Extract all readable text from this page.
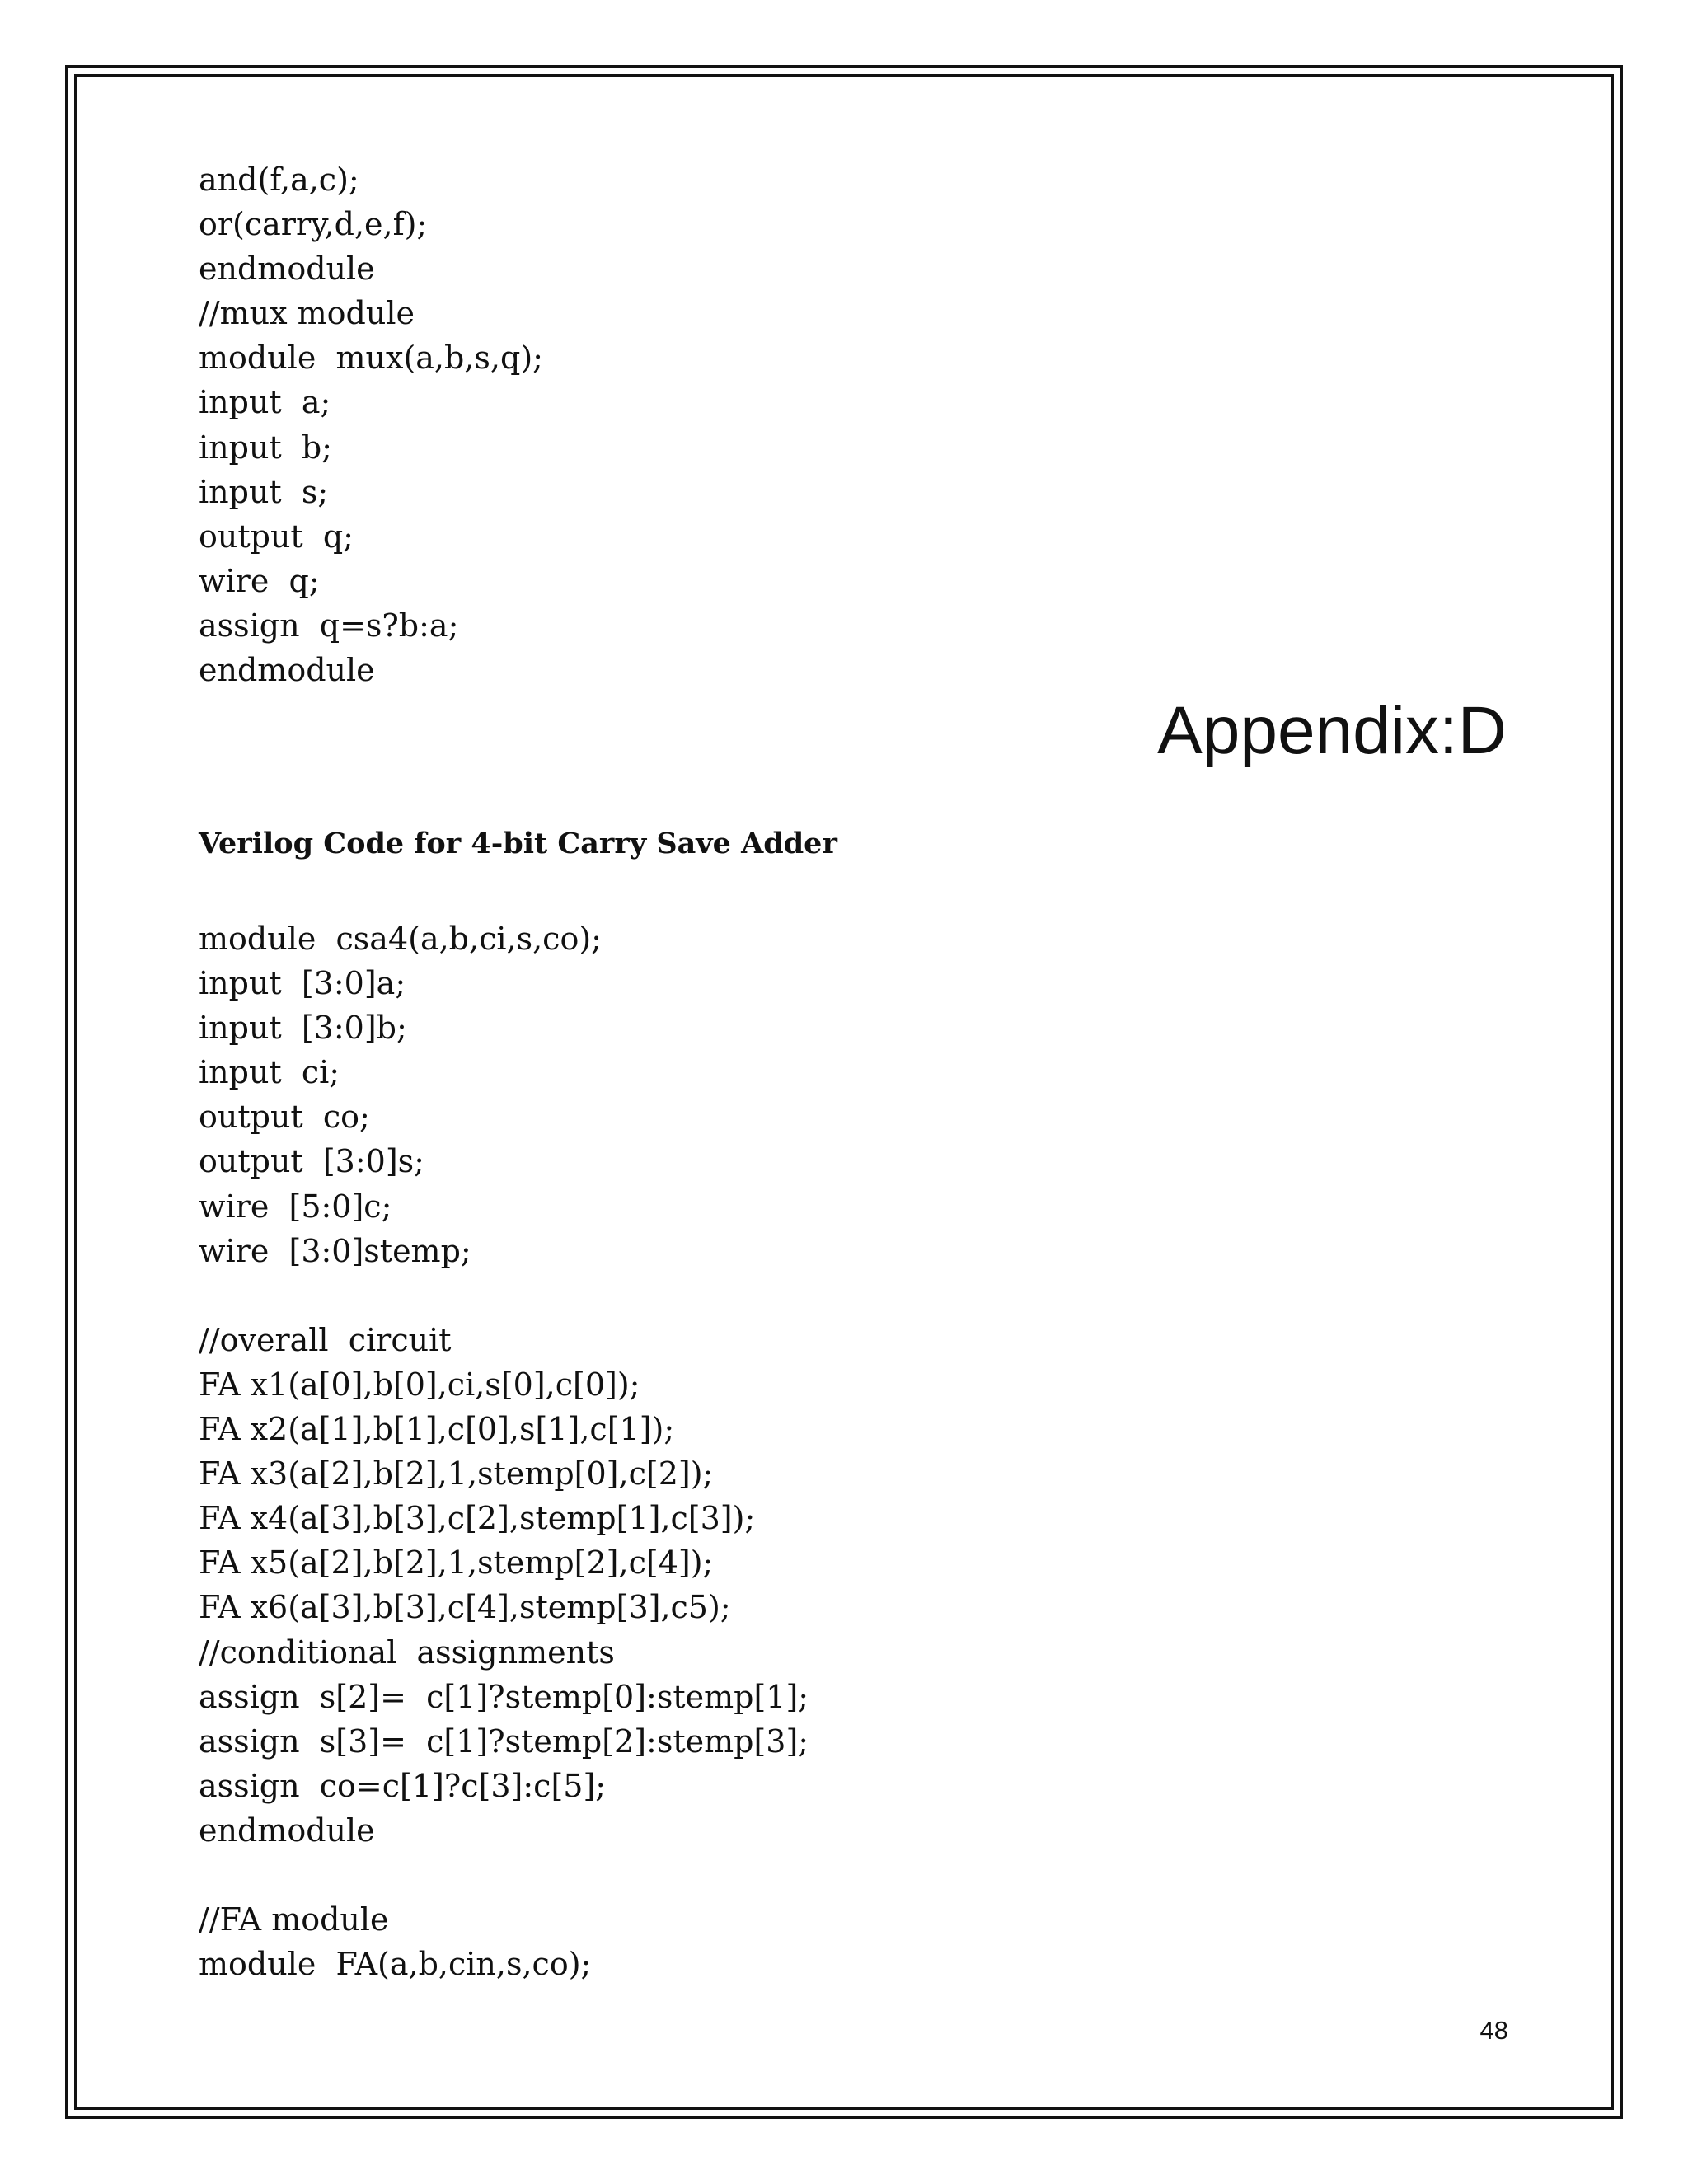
and(f,a,c);
or(carry,d,e,f);
endmodule
//mux module
module  mux(a,b,s,q);
input  a;
input  b;
input  s;
output  q;
wire  q;
assign  q=s?b:a;
endmodule
Appendix:D
Verilog Code for 4-bit Carry Save Adder
module  csa4(a,b,ci,s,co);
input  [3:0]a;
input  [3:0]b;
input  ci;
output  co;
output  [3:0]s;
wire  [5:0]c;
wire  [3:0]stemp;
//overall  circuit
FA x1(a[0],b[0],ci,s[0],c[0]);
FA x2(a[1],b[1],c[0],s[1],c[1]);
FA x3(a[2],b[2],1,stemp[0],c[2]);
FA x4(a[3],b[3],c[2],stemp[1],c[3]);
FA x5(a[2],b[2],1,stemp[2],c[4]);
FA x6(a[3],b[3],c[4],stemp[3],c5);
//conditional  assignments
assign  s[2]=  c[1]?stemp[0]:stemp[1];
assign  s[3]=  c[1]?stemp[2]:stemp[3];
assign  co=c[1]?c[3]:c[5];
endmodule
//FA module
module  FA(a,b,cin,s,co);
48
